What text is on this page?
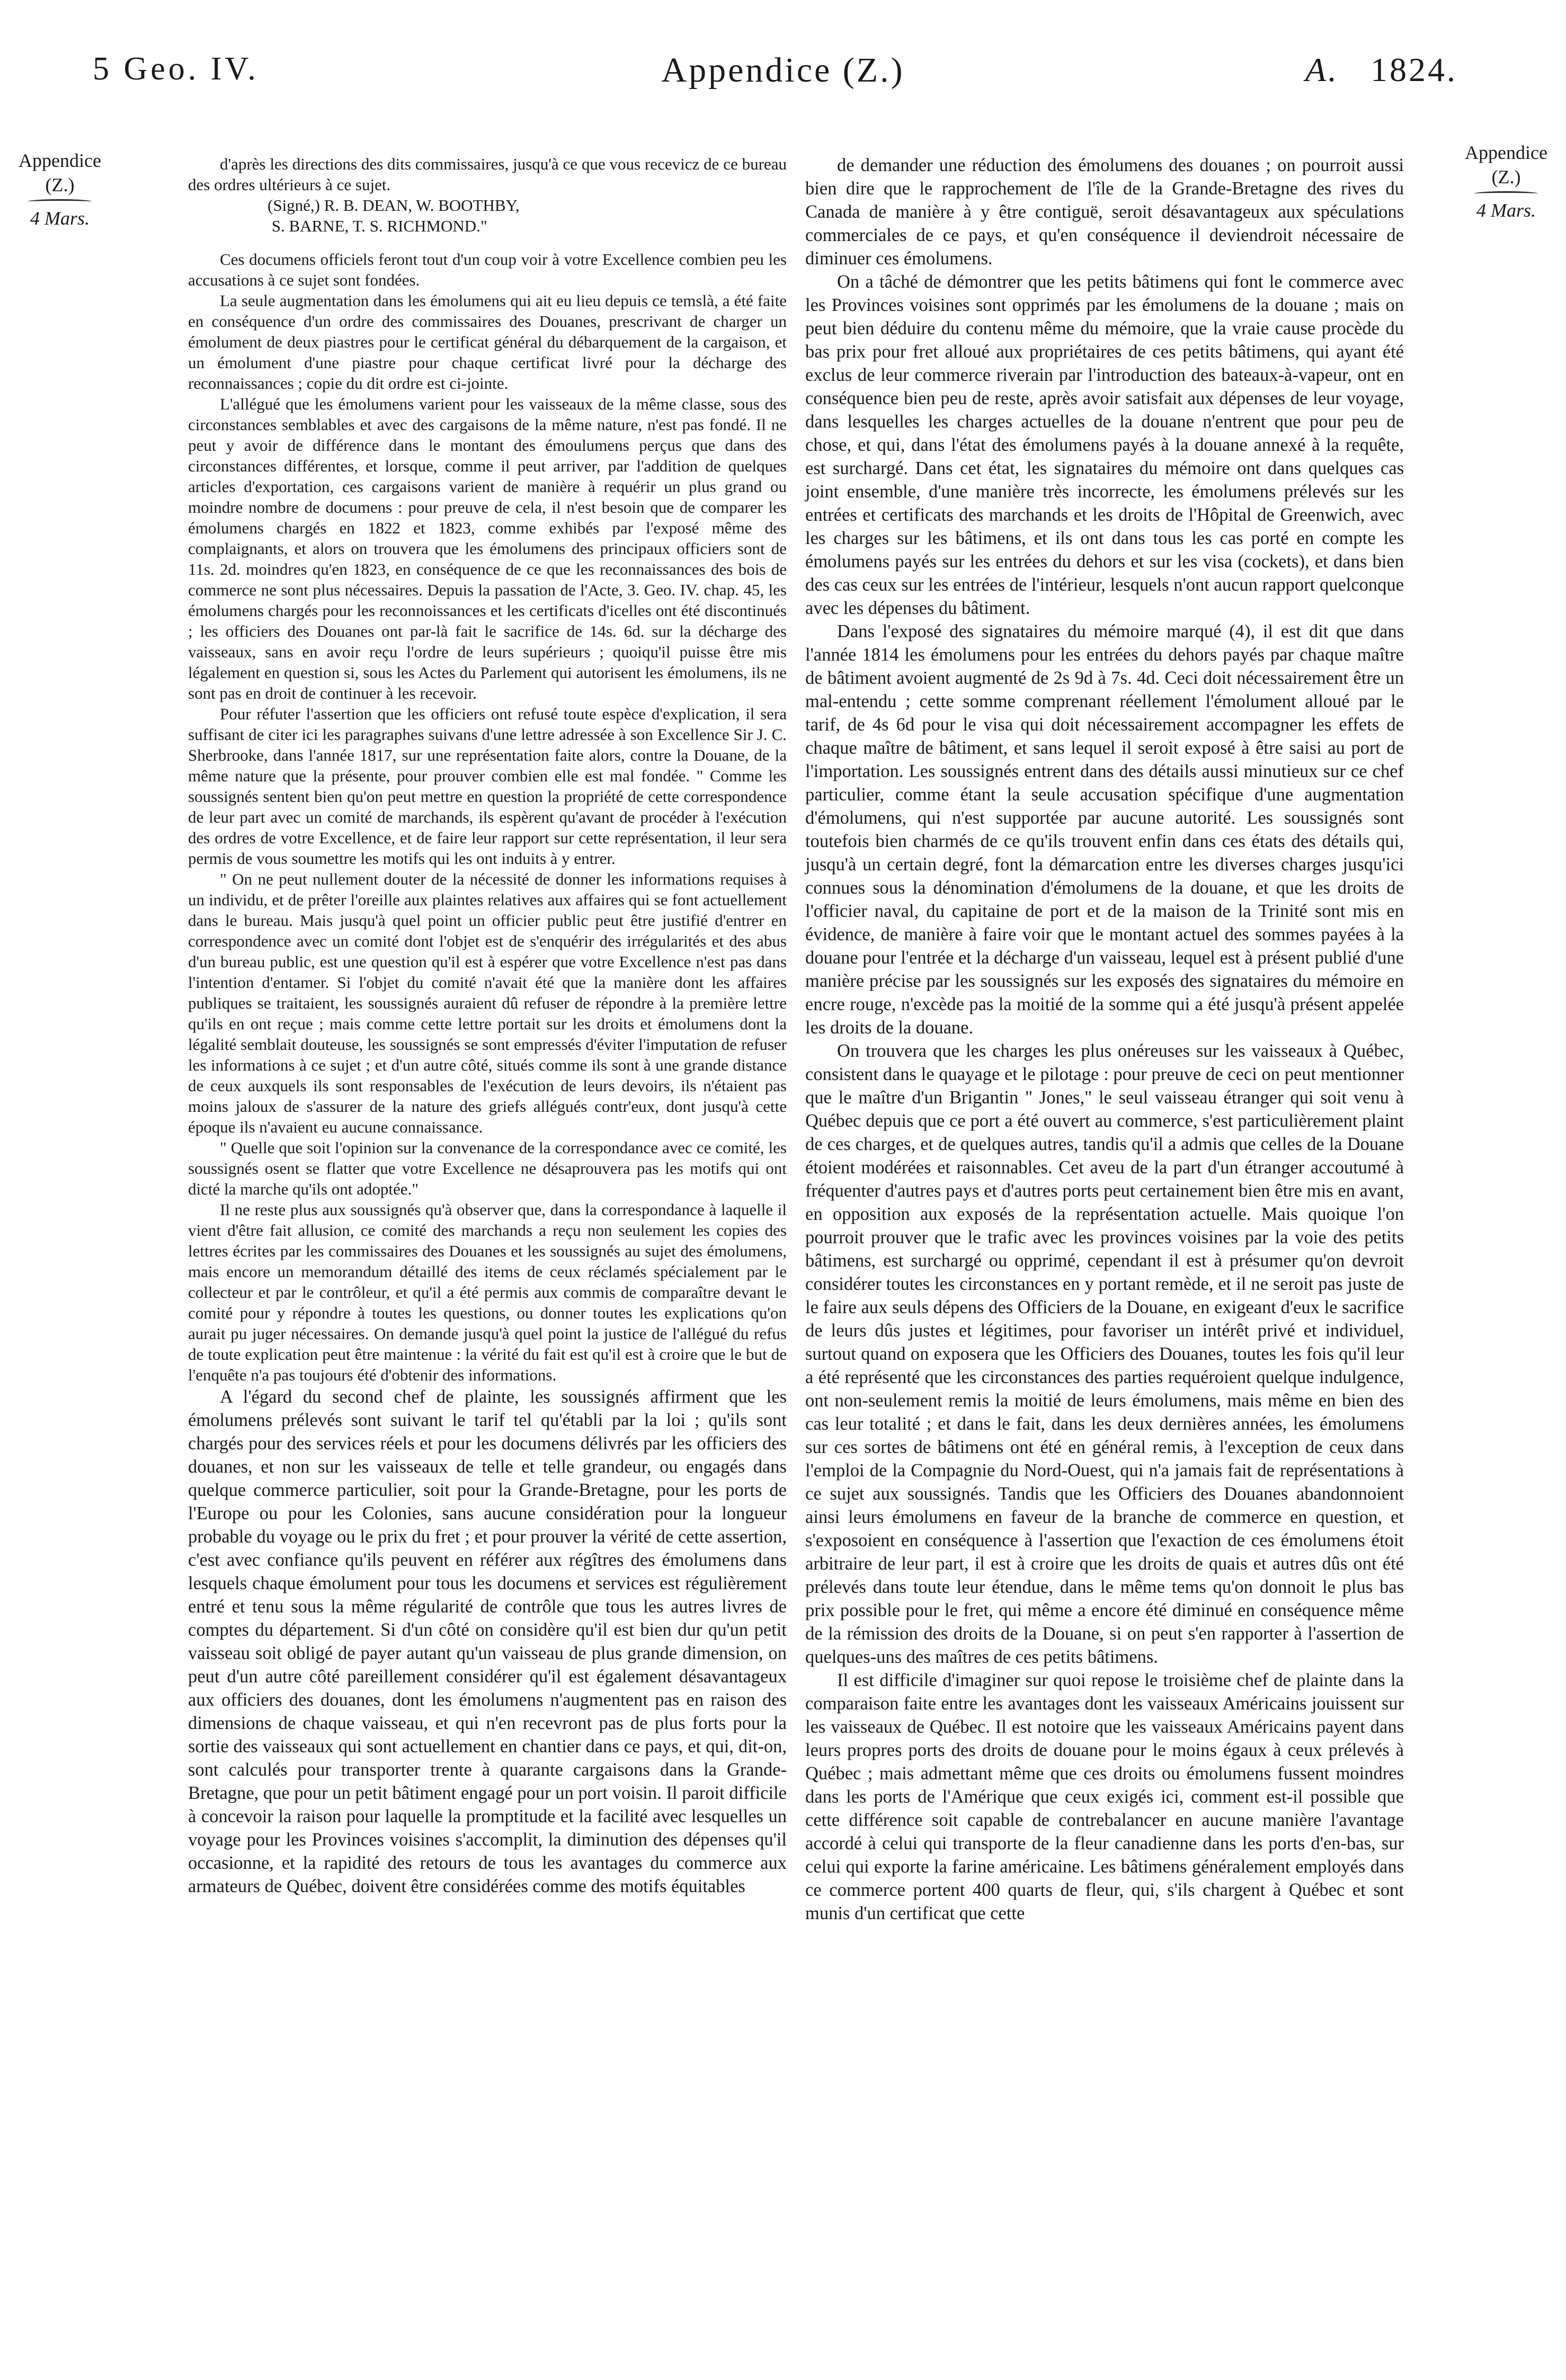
5 Geo. IV.	Appendice (Z.)	A. 1824.
Appendice
(Z.)
4 Mars.
Appendice
(Z.)
4 Mars.

d'après les directions des dits commissaires, jusqu'à ce que vous recevicz de ce bureau des ordres ultérieurs à ce sujet.

(Signé,) R. B. DEAN, W. BOOTHBY,
S. BARNE, T. S. RICHMOND."

Ces documens officiels feront tout d'un coup voir à votre Excellence combien peu les accusations à ce sujet sont fondées.

La seule augmentation dans les émolumens qui ait eu lieu depuis ce temslà, a été faite en conséquence d'un ordre des commissaires des Douanes, prescrivant de charger un émolument de deux piastres pour le certificat général du débarquement de la cargaison, et un émolument d'une piastre pour chaque certificat livré pour la décharge des reconnaissances ; copie du dit ordre est ci-jointe.

L'allégué que les émolumens varient pour les vaisseaux de la même classe, sous des circonstances semblables et avec des cargaisons de la même nature, n'est pas fondé. Il ne peut y avoir de différence dans le montant des émoulumens perçus que dans des circonstances différentes, et lorsque, comme il peut arriver, par l'addition de quelques articles d'exportation, ces cargaisons varient de manière à requérir un plus grand ou moindre nombre de documens : pour preuve de cela, il n'est besoin que de comparer les émolumens chargés en 1822 et 1823, comme exhibés par l'exposé même des complaignants, et alors on trouvera que les émolumens des principaux officiers sont de 11s. 2d. moindres qu'en 1823, en conséquence de ce que les reconnaissances des bois de commerce ne sont plus nécessaires. Depuis la passation de l'Acte, 3. Geo. IV. chap. 45, les émolumens chargés pour les reconnoissances et les certificats d'icelles ont été discontinués ; les officiers des Douanes ont par-là fait le sacrifice de 14s. 6d. sur la décharge des vaisseaux, sans en avoir reçu l'ordre de leurs supérieurs ; quoiqu'il puisse être mis légalement en question si, sous les Actes du Parlement qui autorisent les émolumens, ils ne sont pas en droit de continuer à les recevoir.

Pour réfuter l'assertion que les officiers ont refusé toute espèce d'explication, il sera suffisant de citer ici les paragraphes suivans d'une lettre adressée à son Excellence Sir J. C. Sherbrooke, dans l'année 1817, sur une représentation faite alors, contre la Douane, de la même nature que la présente, pour prouver combien elle est mal fondée. " Comme les soussignés sentent bien qu'on peut mettre en question la propriété de cette correspondence de leur part avec un comité de marchands, ils espèrent qu'avant de procéder à l'exécution des ordres de votre Excellence, et de faire leur rapport sur cette représentation, il leur sera permis de vous soumettre les motifs qui les ont induits à y entrer.

" On ne peut nullement douter de la nécessité de donner les informations requises à un individu, et de prêter l'oreille aux plaintes relatives aux affaires qui se font actuellement dans le bureau. Mais jusqu'à quel point un officier public peut être justifié d'entrer en correspondence avec un comité dont l'objet est de s'enquérir des irrégularités et des abus d'un bureau public, est une question qu'il est à espérer que votre Excellence n'est pas dans l'intention d'entamer. Si l'objet du comité n'avait été que la manière dont les affaires publiques se traitaient, les soussignés auraient dû refuser de répondre à la première lettre qu'ils en ont reçue ; mais comme cette lettre portait sur les droits et émolumens dont la légalité semblait douteuse, les soussignés se sont empressés d'éviter l'imputation de refuser les informations à ce sujet ; et d'un autre côté, situés comme ils sont à une grande distance de ceux auxquels ils sont responsables de l'exécution de leurs devoirs, ils n'étaient pas moins jaloux de s'assurer de la nature des griefs allégués contr'eux, dont jusqu'à cette époque ils n'avaient eu aucune connaissance.

" Quelle que soit l'opinion sur la convenance de la correspondance avec ce comité, les soussignés osent se flatter que votre Excellence ne désaprouvera pas les motifs qui ont dicté la marche qu'ils ont adoptée."

Il ne reste plus aux soussignés qu'à observer que, dans la correspondance à laquelle il vient d'être fait allusion, ce comité des marchands a reçu non seulement les copies des lettres écrites par les commissaires des Douanes et les soussignés au sujet des émolumens, mais encore un memorandum détaillé des items de ceux réclamés spécialement par le collecteur et par le contrôleur, et qu'il a été permis aux commis de comparaître devant le comité pour y répondre à toutes les questions, ou donner toutes les explications qu'on aurait pu juger nécessaires. On demande jusqu'à quel point la justice de l'allégué du refus de toute explication peut être maintenue : la vérité du fait est qu'il est à croire que le but de l'enquête n'a pas toujours été d'obtenir des informations.

A l'égard du second chef de plainte, les soussignés affirment que les émolumens prélevés sont suivant le tarif tel qu'établi par la loi ; qu'ils sont chargés pour des services réels et pour les documens délivrés par les officiers des douanes, et non sur les vaisseaux de telle et telle grandeur, ou engagés dans quelque commerce particulier, soit pour la Grande-Bretagne, pour les ports de l'Europe ou pour les Colonies, sans aucune considération pour la longueur probable du voyage ou le prix du fret ; et pour prouver la vérité de cette assertion, c'est avec confiance qu'ils peuvent en référer aux régîtres des émolumens dans lesquels chaque émolument pour tous les documens et services est régulièrement entré et tenu sous la même régularité de contrôle que tous les autres livres de comptes du département. Si d'un côté on considère qu'il est bien dur qu'un petit vaisseau soit obligé de payer autant qu'un vaisseau de plus grande dimension, on peut d'un autre côté pareillement considérer qu'il est également désavantageux aux officiers des douanes, dont les émolumens n'augmentent pas en raison des dimensions de chaque vaisseau, et qui n'en recevront pas de plus forts pour la sortie des vaisseaux qui sont actuellement en chantier dans ce pays, et qui, dit-on, sont calculés pour transporter trente à quarante cargaisons dans la Grande-Bretagne, que pour un petit bâtiment engagé pour un port voisin. Il paroit difficile à concevoir la raison pour laquelle la promptitude et la facilité avec lesquelles un voyage pour les Provinces voisines s'accomplit, la diminution des dépenses qu'il occasionne, et la rapidité des retours de tous les avantages du commerce aux armateurs de Québec, doivent être considérées comme des motifs équitables

de demander une réduction des émolumens des douanes ; on pourroit aussi bien dire que le rapprochement de l'île de la Grande-Bretagne des rives du Canada de manière à y être contiguë, seroit désavantageux aux spéculations commerciales de ce pays, et qu'en conséquence il deviendroit nécessaire de diminuer ces émolumens.

On a tâché de démontrer que les petits bâtimens qui font le commerce avec les Provinces voisines sont opprimés par les émolumens de la douane ; mais on peut bien déduire du contenu même du mémoire, que la vraie cause procède du bas prix pour fret alloué aux propriétaires de ces petits bâtimens, qui ayant été exclus de leur commerce riverain par l'introduction des bateaux-à-vapeur, ont en conséquence bien peu de reste, après avoir satisfait aux dépenses de leur voyage, dans lesquelles les charges actuelles de la douane n'entrent que pour peu de chose, et qui, dans l'état des émolumens payés à la douane annexé à la requête, est surchargé. Dans cet état, les signataires du mémoire ont dans quelques cas joint ensemble, d'une manière très incorrecte, les émolumens prélevés sur les entrées et certificats des marchands et les droits de l'Hôpital de Greenwich, avec les charges sur les bâtimens, et ils ont dans tous les cas porté en compte les émolumens payés sur les entrées du dehors et sur les visa (cockets), et dans bien des cas ceux sur les entrées de l'intérieur, lesquels n'ont aucun rapport quelconque avec les dépenses du bâtiment.

Dans l'exposé des signataires du mémoire marqué (4), il est dit que dans l'année 1814 les émolumens pour les entrées du dehors payés par chaque maître de bâtiment avoient augmenté de 2s 9d à 7s. 4d. Ceci doit nécessairement être un mal-entendu ; cette somme comprenant réellement l'émolument alloué par le tarif, de 4s 6d pour le visa qui doit nécessairement accompagner les effets de chaque maître de bâtiment, et sans lequel il seroit exposé à être saisi au port de l'importation. Les soussignés entrent dans des détails aussi minutieux sur ce chef particulier, comme étant la seule accusation spécifique d'une augmentation d'émolumens, qui n'est supportée par aucune autorité. Les soussignés sont toutefois bien charmés de ce qu'ils trouvent enfin dans ces états des détails qui, jusqu'à un certain degré, font la démarcation entre les diverses charges jusqu'ici connues sous la dénomination d'émolumens de la douane, et que les droits de l'officier naval, du capitaine de port et de la maison de la Trinité sont mis en évidence, de manière à faire voir que le montant actuel des sommes payées à la douane pour l'entrée et la décharge d'un vaisseau, lequel est à présent publié d'une manière précise par les soussignés sur les exposés des signataires du mémoire en encre rouge, n'excède pas la moitié de la somme qui a été jusqu'à présent appelée les droits de la douane.

On trouvera que les charges les plus onéreuses sur les vaisseaux à Québec, consistent dans le quayage et le pilotage : pour preuve de ceci on peut mentionner que le maître d'un Brigantin " Jones," le seul vaisseau étranger qui soit venu à Québec depuis que ce port a été ouvert au commerce, s'est particulièrement plaint de ces charges, et de quelques autres, tandis qu'il a admis que celles de la Douane étoient modérées et raisonnables. Cet aveu de la part d'un étranger accoutumé à fréquenter d'autres pays et d'autres ports peut certainement bien être mis en avant, en opposition aux exposés de la représentation actuelle. Mais quoique l'on pourroit prouver que le trafic avec les provinces voisines par la voie des petits bâtimens, est surchargé ou opprimé, cependant il est à présumer qu'on devroit considérer toutes les circonstances en y portant remède, et il ne seroit pas juste de le faire aux seuls dépens des Officiers de la Douane, en exigeant d'eux le sacrifice de leurs dûs justes et légitimes, pour favoriser un intérêt privé et individuel, surtout quand on exposera que les Officiers des Douanes, toutes les fois qu'il leur a été représenté que les circonstances des parties requéroient quelque indulgence, ont non-seulement remis la moitié de leurs émolumens, mais même en bien des cas leur totalité ; et dans le fait, dans les deux dernières années, les émolumens sur ces sortes de bâtimens ont été en général remis, à l'exception de ceux dans l'emploi de la Compagnie du Nord-Ouest, qui n'a jamais fait de représentations à ce sujet aux soussignés. Tandis que les Officiers des Douanes abandonnoient ainsi leurs émolumens en faveur de la branche de commerce en question, et s'exposoient en conséquence à l'assertion que l'exaction de ces émolumens étoit arbitraire de leur part, il est à croire que les droits de quais et autres dûs ont été prélevés dans toute leur étendue, dans le même tems qu'on donnoit le plus bas prix possible pour le fret, qui même a encore été diminué en conséquence même de la rémission des droits de la Douane, si on peut s'en rapporter à l'assertion de quelques-uns des maîtres de ces petits bâtimens.

Il est difficile d'imaginer sur quoi repose le troisième chef de plainte dans la comparaison faite entre les avantages dont les vaisseaux Américains jouissent sur les vaisseaux de Québec. Il est notoire que les vaisseaux Américains payent dans leurs propres ports des droits de douane pour le moins égaux à ceux prélevés à Québec ; mais admettant même que ces droits ou émolumens fussent moindres dans les ports de l'Amérique que ceux exigés ici, comment est-il possible que cette différence soit capable de contrebalancer en aucune manière l'avantage accordé à celui qui transporte de la fleur canadienne dans les ports d'en-bas, sur celui qui exporte la farine américaine. Les bâtimens généralement employés dans ce commerce portent 400 quarts de fleur, qui, s'ils chargent à Québec et sont munis d'un certificat que cette
